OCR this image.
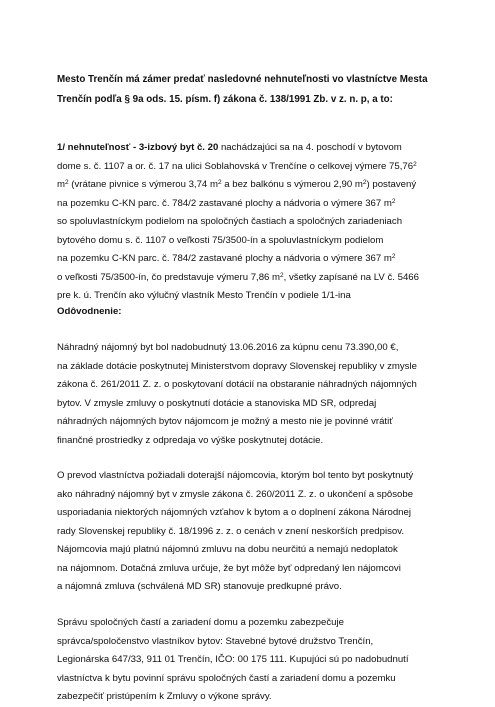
Mesto Trenčín má zámer predať nasledovné nehnuteľnosti vo vlastníctve Mesta
Trenčín podľa § 9a ods. 15. písm. f) zákona č. 138/1991 Zb. v z. n. p, a to:
1/ nehnuteľnosť - 3-izbový byt č. 20 nachádzajúci sa na 4. poschodí v bytovom
dome s. č. 1107 a or. č. 17 na ulici Soblahovská v Trenčíne o celkovej výmere 75,76$^2$
$m^2$ (vrátane pivnice s výmerou 3,74 $m^2$ a bez balkónu s výmerou 2,90 $m^2$) postavený
na pozemku C-KN parc. č. 784/2 zastavané plochy a nádvoria o výmere 367 $m^2$
so spoluvlastníckym podielom na spoločných častiach a spoločných zariadeniach
bytového domu s. č. 1107 o veľkosti 75/3500-ín a spoluvlastníckym podielom
na pozemku C-KN parc. č. 784/2 zastavané plochy a nádvoria o výmere 367 $m^2$
o veľkosti 75/3500-ín, čo predstavuje výmeru 7,86 $m^2$, všetky zapísané na LV č. 5466
pre k. ú. Trenčín ako výlučný vlastník Mesto Trenčín v podiele 1/1-ina
Odôvodnenie:
Náhradný nájomný byt bol nadobudnutý 13.06.2016 za kúpnu cenu 73.390,00 €,
na základe dotácie poskytnutej Ministerstvom dopravy Slovenskej republiky v zmysle
zákona č. 261/2011 Z. z. o poskytovaní dotácií na obstaranie náhradných nájomných
bytov. V zmysle zmluvy o poskytnutí dotácie a stanoviska MD SR, odpredaj
náhradných nájomných bytov nájomcom je možný a mesto nie je povinné vrátiť
finančné prostriedky z odpredaja vo výške poskytnutej dotácie.
O prevod vlastníctva požiadali doterajší nájomcovia, ktorým bol tento byt poskytnutý
ako náhradný nájomný byt v zmysle zákona č. 260/2011 Z. z. o ukončení a spôsobe
usporiadania niektorých nájomných vzťahov k bytom a o doplnení zákona Národnej
rady Slovenskej republiky č. 18/1996 z. z. o cenách v znení neskorších predpisov.
Nájomcovia majú platnú nájomnú zmluvu na dobu neurčitú a nemajú nedoplatok
na nájomnom. Dotačná zmluva určuje, že byt môže byť odpredaný len nájomcovi
a nájomná zmluva (schválená MD SR) stanovuje predkupné právo.
Správu spoločných častí a zariadení domu a pozemku zabezpečuje
správca/spoločenstvo vlastníkov bytov: Stavebné bytové družstvo Trenčín,
Legionárska 647/33, 911 01 Trenčín, IČO: 00 175 111. Kupujúci sú po nadobudnutí
vlastníctva k bytu povinní správu spoločných častí a zariadení domu a pozemku
zabezpečiť pristúpením k Zmluvy o výkone správy.
